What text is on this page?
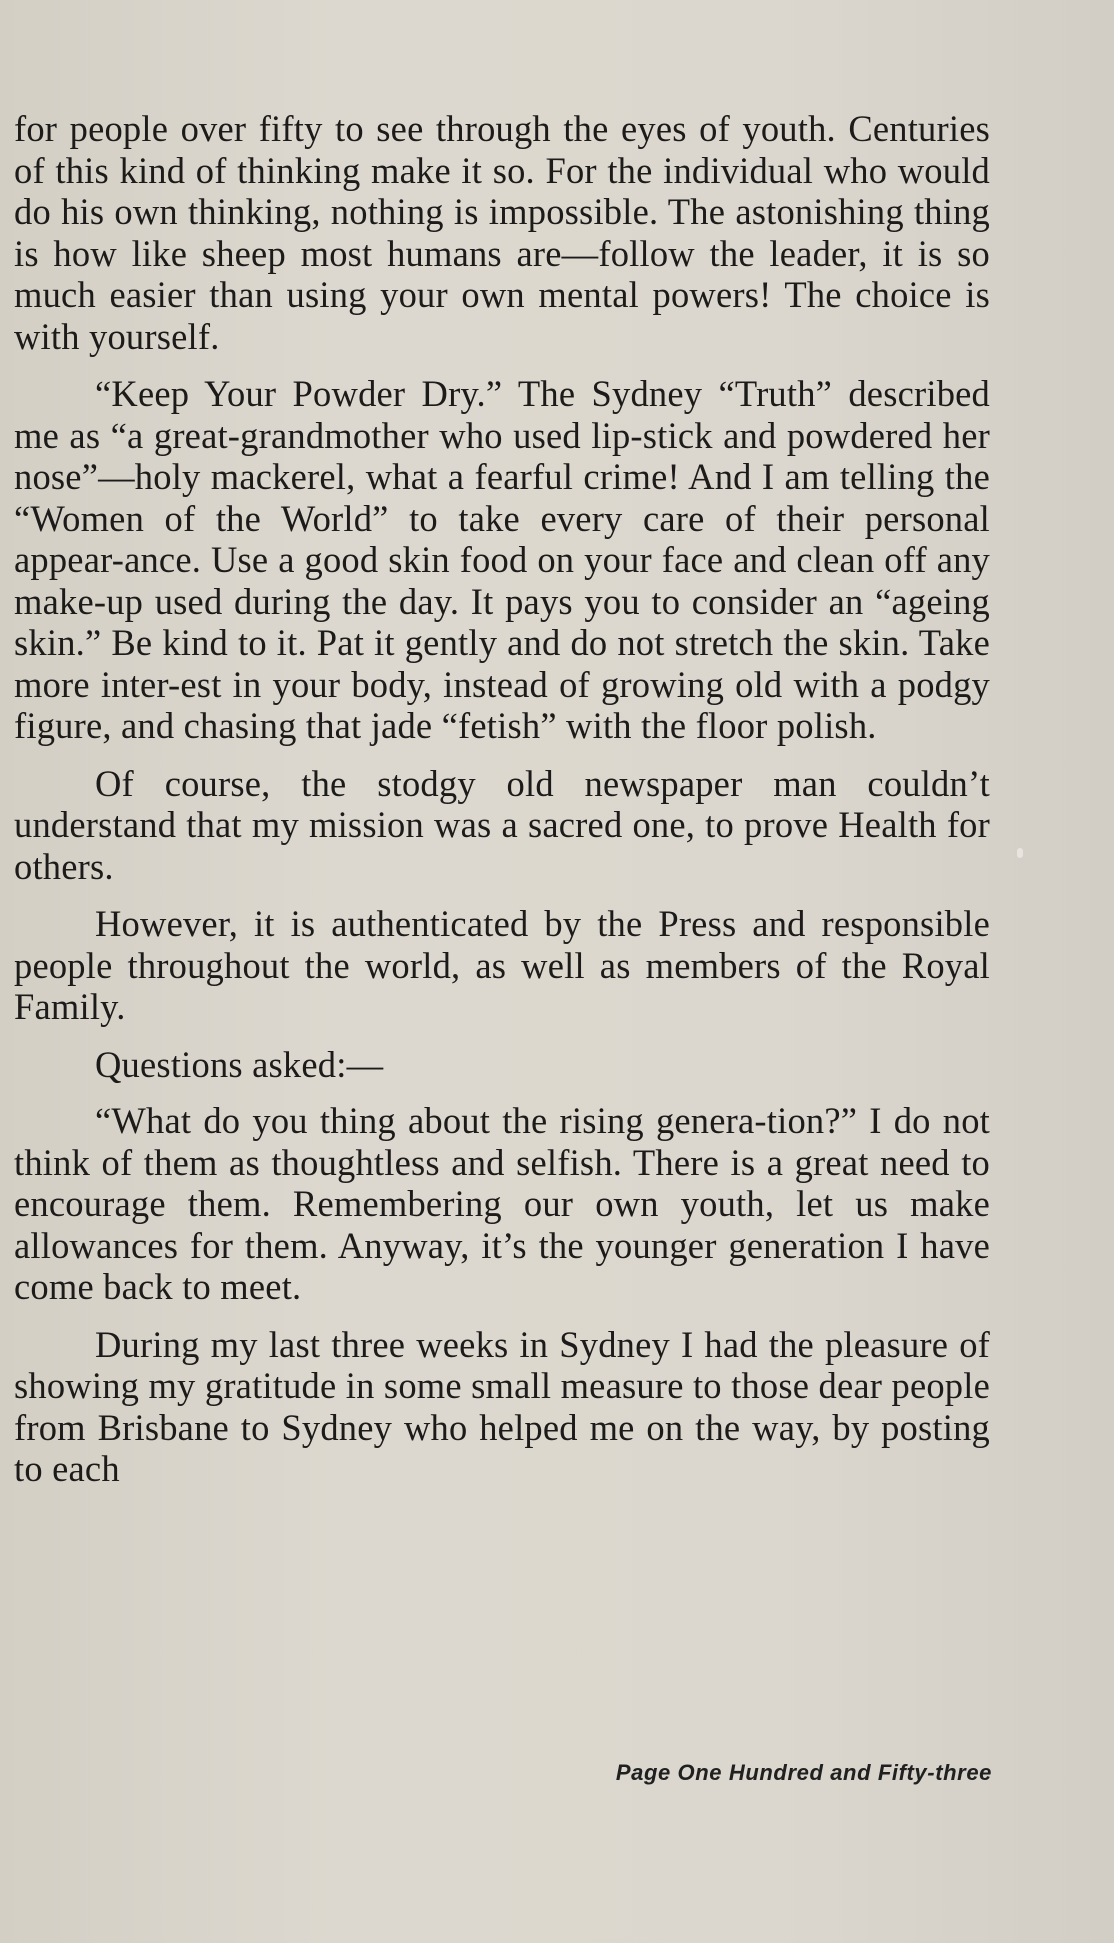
for people over fifty to see through the eyes of youth. Centuries of this kind of thinking make it so. For the individual who would do his own thinking, nothing is impossible. The astonishing thing is how like sheep most humans are—follow the leader, it is so much easier than using your own mental powers! The choice is with yourself.

“Keep Your Powder Dry.” The Sydney “Truth” described me as “a great-grandmother who used lip-stick and powdered her nose”—holy mackerel, what a fearful crime! And I am telling the “Women of the World” to take every care of their personal appear-ance. Use a good skin food on your face and clean off any make-up used during the day. It pays you to consider an “ageing skin.” Be kind to it. Pat it gently and do not stretch the skin. Take more inter-est in your body, instead of growing old with a podgy figure, and chasing that jade “fetish” with the floor polish.

Of course, the stodgy old newspaper man couldn’t understand that my mission was a sacred one, to prove Health for others.

However, it is authenticated by the Press and responsible people throughout the world, as well as members of the Royal Family.

Questions asked:—

“What do you thing about the rising genera-tion?” I do not think of them as thoughtless and selfish. There is a great need to encourage them. Remembering our own youth, let us make allowances for them. Anyway, it’s the younger generation I have come back to meet.

During my last three weeks in Sydney I had the pleasure of showing my gratitude in some small measure to those dear people from Brisbane to Sydney who helped me on the way, by posting to each

Page One Hundred and Fifty-three
